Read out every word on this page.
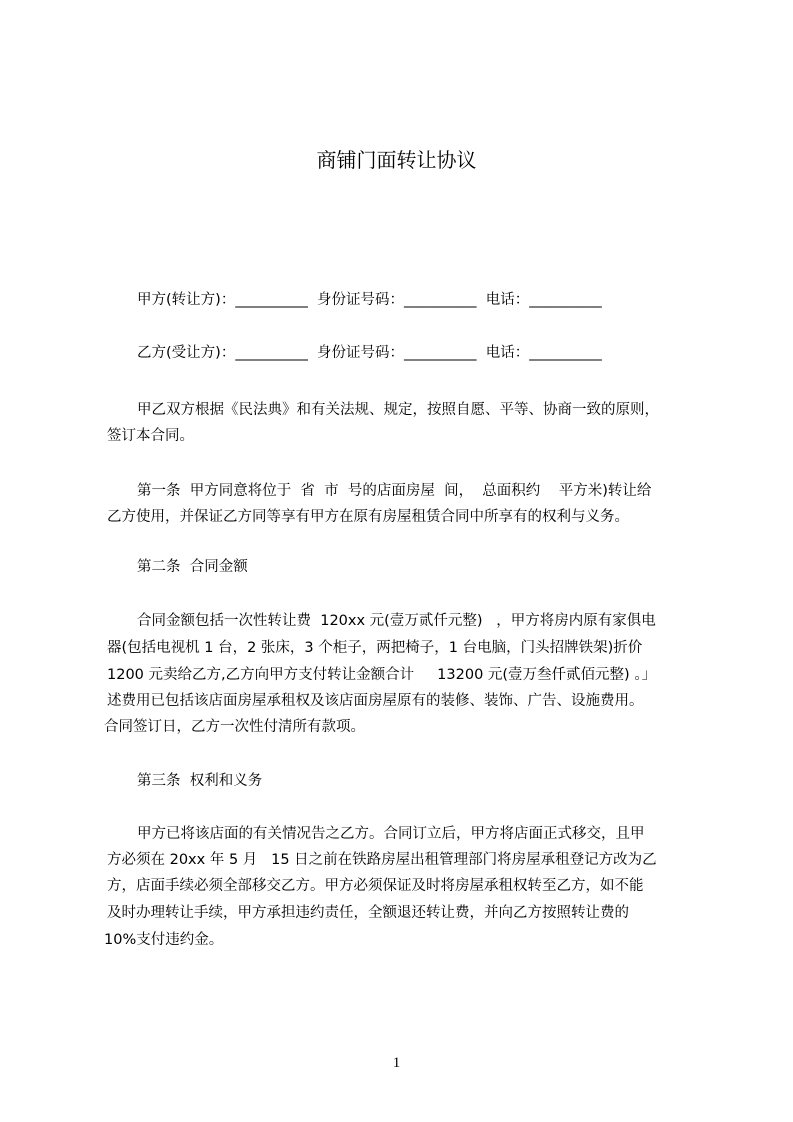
商铺门面转让协议
甲方(转让方)：__________  身份证号码：__________  电话：__________
乙方(受让方)：__________  身份证号码：__________  电话：__________
甲乙双方根据《民法典》和有关法规、规定，按照自愿、平等、协商一致的原则，
签订本合同。
第一条  甲方同意将位于  省  市  号的店面房屋  间，  总面积约    平方米)转让给
乙方使用，并保证乙方同等享有甲方在原有房屋租赁合同中所享有的权利与义务。
第二条  合同金额
合同金额包括一次性转让费  120xx 元(壹万贰仟元整)   ，甲方将房内原有家俱电
器(包括电视机 1 台，2 张床，3 个柜子，两把椅子，1 台电脑，门头招牌铁架)折价
1200 元卖给乙方,乙方向甲方支付转让金额合计     13200 元(壹万叁仟贰佰元整) 。」
述费用已包括该店面房屋承租权及该店面房屋原有的装修、装饰、广告、设施费用。
合同签订日，乙方一次性付清所有款项。
第三条  权利和义务
甲方已将该店面的有关情况告之乙方。合同订立后，甲方将店面正式移交，且甲
方必须在 20xx 年 5 月   15 日之前在铁路房屋出租管理部门将房屋承租登记方改为乙
方，店面手续必须全部移交乙方。甲方必须保证及时将房屋承租权转至乙方，如不能
及时办理转让手续，甲方承担违约责任，全额退还转让费，并向乙方按照转让费的
10%支付违约金。
1
